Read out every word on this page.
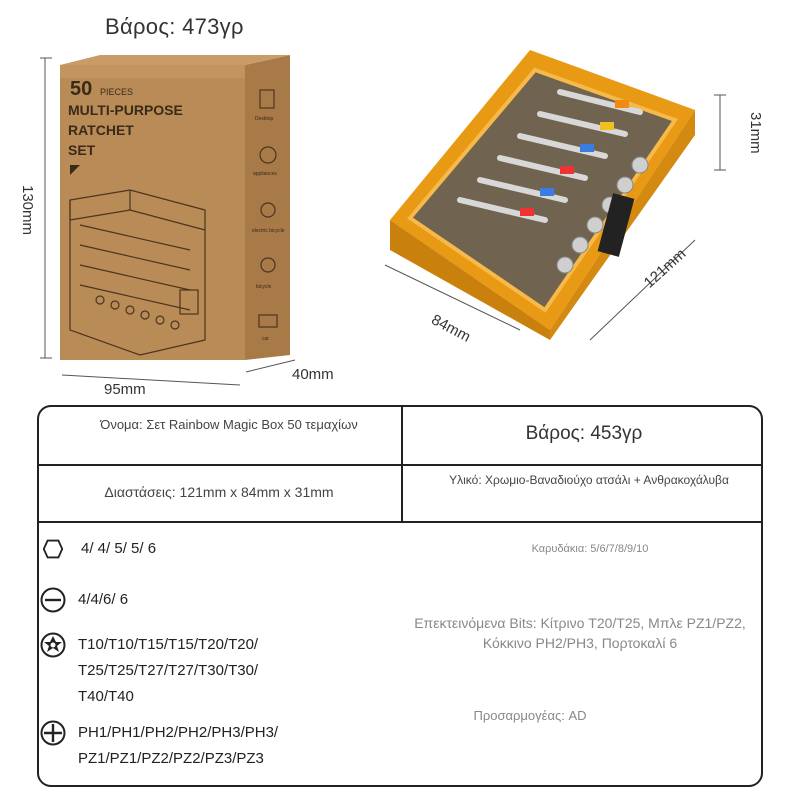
Βάρος: 473γρ
50 PIECES
MULTI-PURPOSE
RATCHET
SET
Desktop
appliances
electric bicycle
bicycle
car
130mm
95mm
40mm
84mm
121mm
31mm
Όνομα: Σετ Rainbow Magic Box 50 τεμαχίων	Βάρος: 453γρ
Διαστάσεις: 121mm x 84mm x 31mm
Υλικό: Χρωμιο-Βαναδιούχο ατσάλι + Ανθρακοχάλυβα
4/ 4/ 5/ 5/ 6
4/4/6/ 6
T10/T10/T15/T15/T20/T20/
T25/T25/T27/T27/T30/T30/
T40/T40
PH1/PH1/PH2/PH2/PH3/PH3/
PZ1/PZ1/PZ2/PZ2/PZ3/PZ3
Καρυδάκια: 5/6/7/8/9/10
Επεκτεινόμενα Bits: Κίτρινο T20/T25, Μπλε PZ1/PZ2, Κόκκινο PH2/PH3, Πορτοκαλί 6
Προσαρμογέας: AD
